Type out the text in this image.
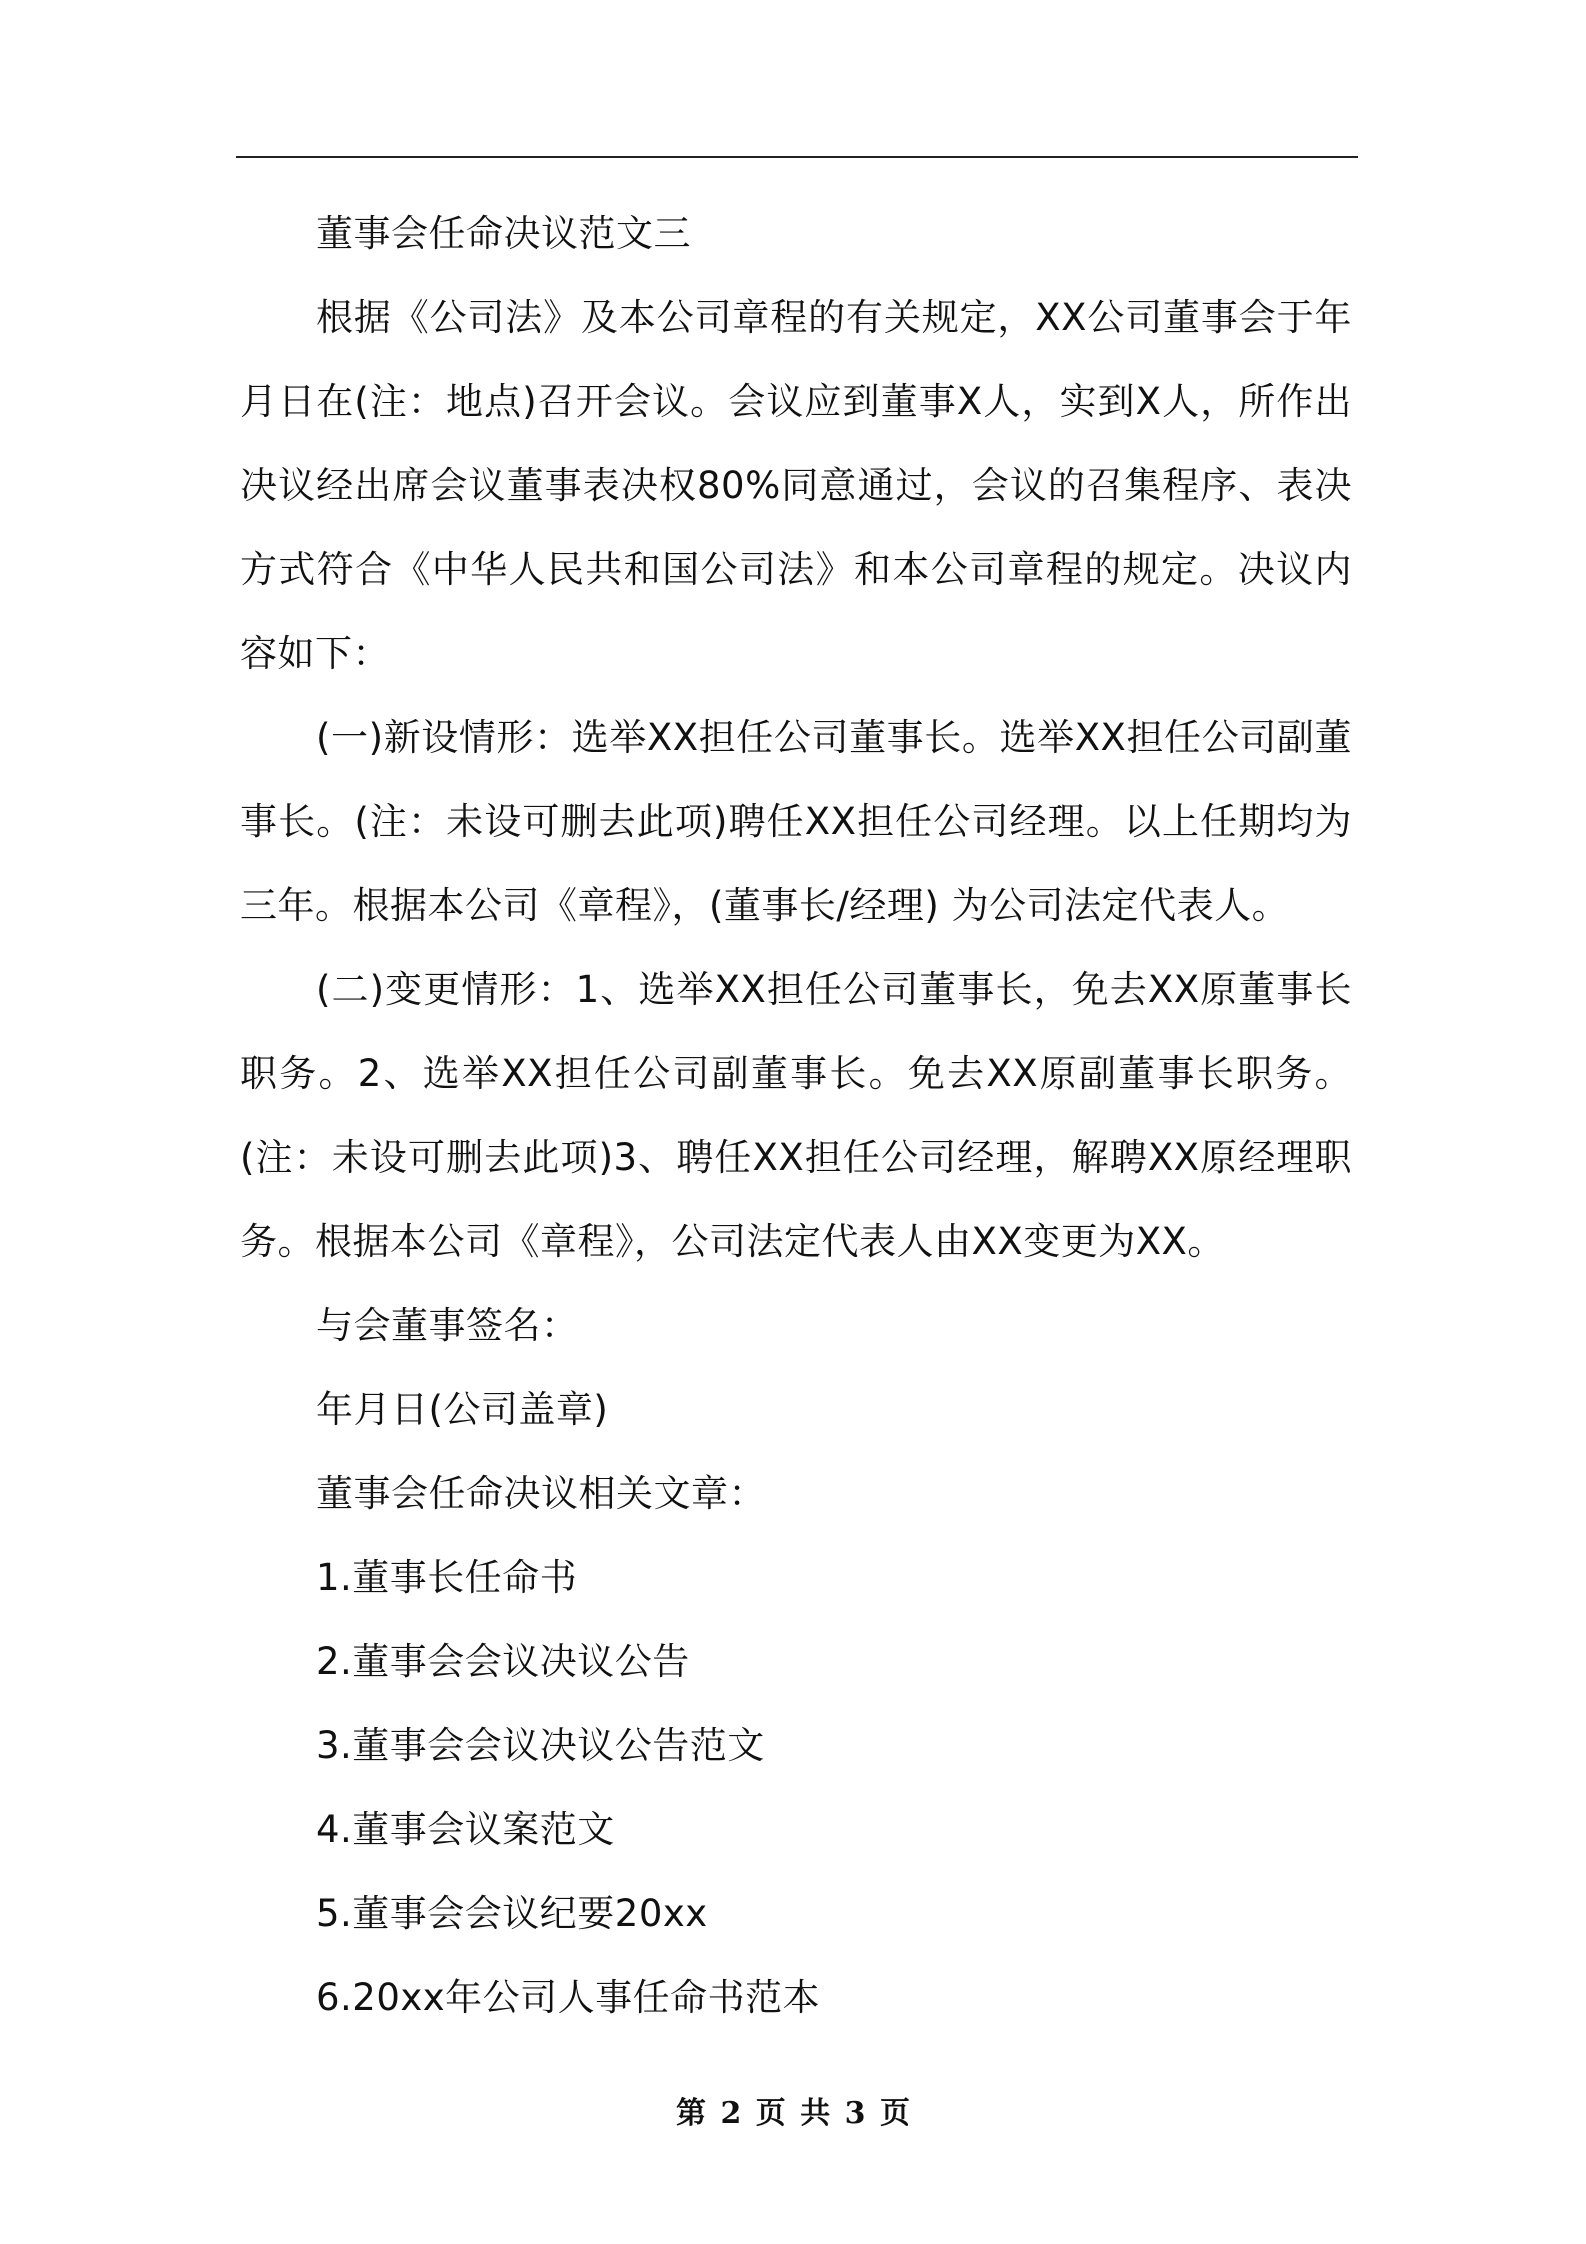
董事会任命决议范文三

根据《公司法》及本公司章程的有关规定，XX公司董事会于年月日在(注：地点)召开会议。会议应到董事X人，实到X人，所作出决议经出席会议董事表决权80%同意通过，会议的召集程序、表决方式符合《中华人民共和国公司法》和本公司章程的规定。决议内容如下：

(一)新设情形：选举XX担任公司董事长。选举XX担任公司副董事长。(注：未设可删去此项)聘任XX担任公司经理。以上任期均为三年。根据本公司《章程》，(董事长/经理) 为公司法定代表人。

(二)变更情形：1、选举XX担任公司董事长，免去XX原董事长职务。2、选举XX担任公司副董事长。免去XX原副董事长职务。(注：未设可删去此项)3、聘任XX担任公司经理，解聘XX原经理职务。根据本公司《章程》，公司法定代表人由XX变更为XX。

与会董事签名：

年月日(公司盖章)

董事会任命决议相关文章：

1.董事长任命书

2.董事会会议决议公告

3.董事会会议决议公告范文

4.董事会议案范文

5.董事会会议纪要20xx

6.20xx年公司人事任命书范本

第 2 页 共 3 页
